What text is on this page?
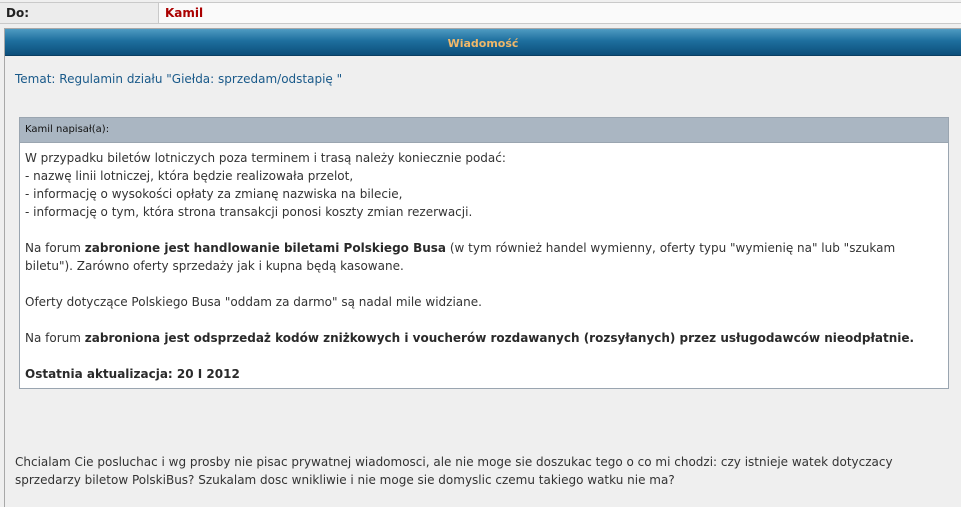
Do:	Kamil
Wiadomość
Temat: Regulamin działu "Giełda: sprzedam/odstapię "
Kamil napisał(a):

W przypadku biletów lotniczych poza terminem i trasą należy koniecznie podać:
- nazwę linii lotniczej, która będzie realizowała przelot,
- informację o wysokości opłaty za zmianę nazwiska na bilecie,
- informację o tym, która strona transakcji ponosi koszty zmian rezerwacji.

Na forum zabronione jest handlowanie biletami Polskiego Busa (w tym również handel wymienny, oferty typu "wymienię na" lub "szukam biletu"). Zarówno oferty sprzedaży jak i kupna będą kasowane.

Oferty dotyczące Polskiego Busa "oddam za darmo" są nadal mile widziane.

Na forum zabroniona jest odsprzedaż kodów zniżkowych i voucherów rozdawanych (rozsyłanych) przez usługodawców nieodpłatnie.

Ostatnia aktualizacja: 20 I 2012

Chcialam Cie posluchac i wg prosby nie pisac prywatnej wiadomosci, ale nie moge sie doszukac tego o co mi chodzi: czy istnieje watek dotyczacy sprzedarzy biletow PolskiBus? Szukalam dosc wnikliwie i nie moge sie domyslic czemu takiego watku nie ma?
